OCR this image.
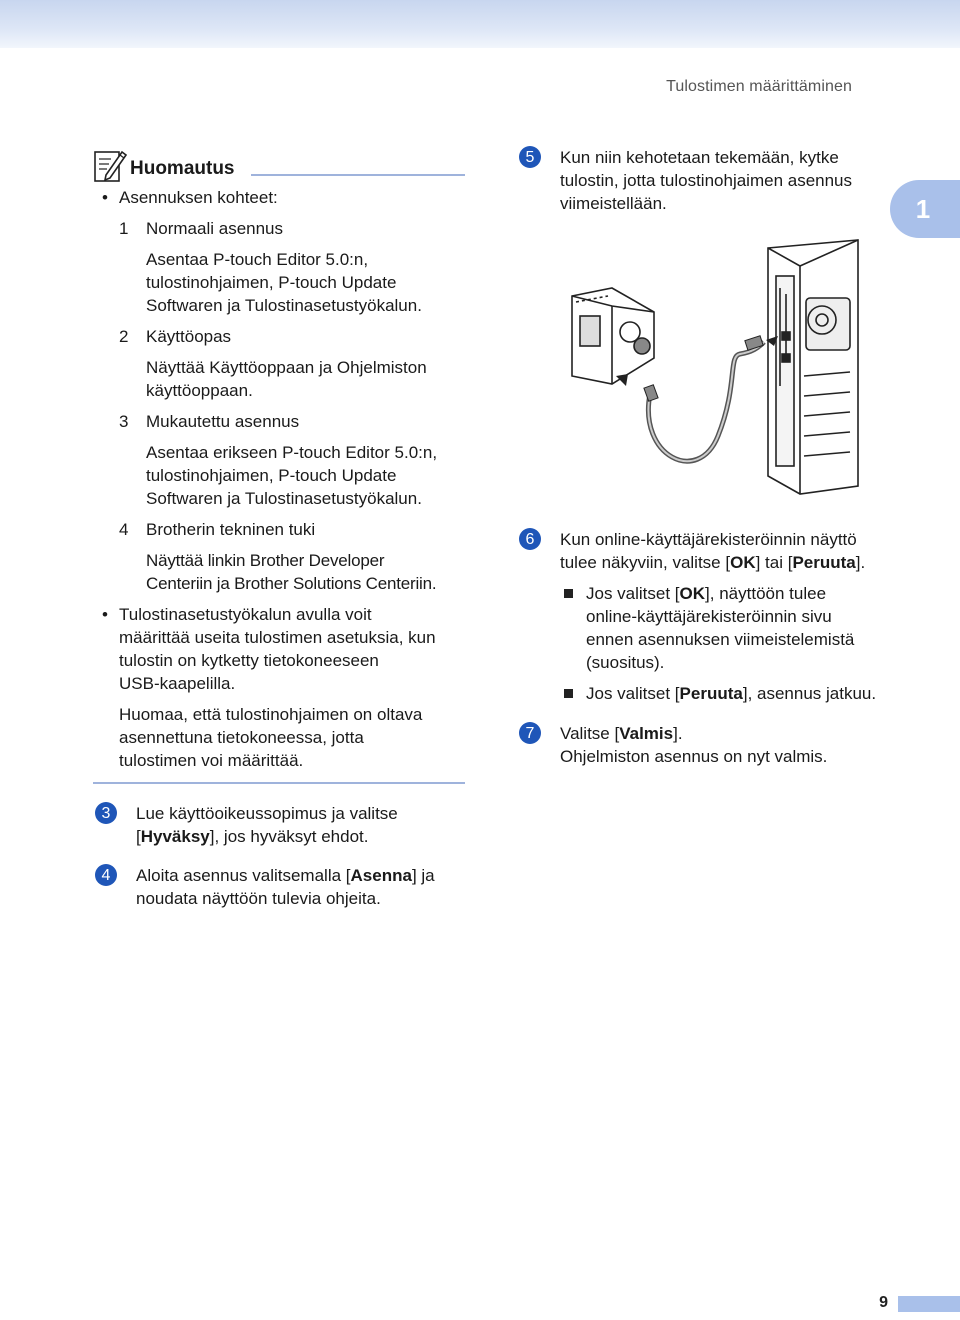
Tulostimen määrittäminen
1
Huomautus
• Asennuksen kohteet:
1 Normaali asennus
Asentaa P-touch Editor 5.0:n,
tulostinohjaimen, P-touch Update
Softwaren ja Tulostinasetustyökalun.
2 Käyttöopas
Näyttää Käyttöoppaan ja Ohjelmiston
käyttöoppaan.
3 Mukautettu asennus
Asentaa erikseen P-touch Editor 5.0:n,
tulostinohjaimen, P-touch Update
Softwaren ja Tulostinasetustyökalun.
4 Brotherin tekninen tuki
Näyttää linkin Brother Developer
Centeriin ja Brother Solutions Centeriin.
• Tulostinasetustyökalun avulla voit
määrittää useita tulostimen asetuksia, kun
tulostin on kytketty tietokoneeseen
USB-kaapelilla.
Huomaa, että tulostinohjaimen on oltava
asennettuna tietokoneessa, jotta
tulostimen voi määrittää.
3	Lue käyttöoikeussopimus ja valitse
[Hyväksy], jos hyväksyt ehdot.
4	Aloita asennus valitsemalla [Asenna] ja
noudata näyttöön tulevia ohjeita.
5	Kun niin kehotetaan tekemään, kytke
tulostin, jotta tulostinohjaimen asennus
viimeistellään.
6	Kun online-käyttäjärekisteröinnin näyttö
tulee näkyviin, valitse [OK] tai [Peruuta].
Jos valitset [OK], näyttöön tulee
online-käyttäjärekisteröinnin sivu
ennen asennuksen viimeistelemistä
(suositus).
Jos valitset [Peruuta], asennus jatkuu.
7	Valitse [Valmis].
Ohjelmiston asennus on nyt valmis.
9
